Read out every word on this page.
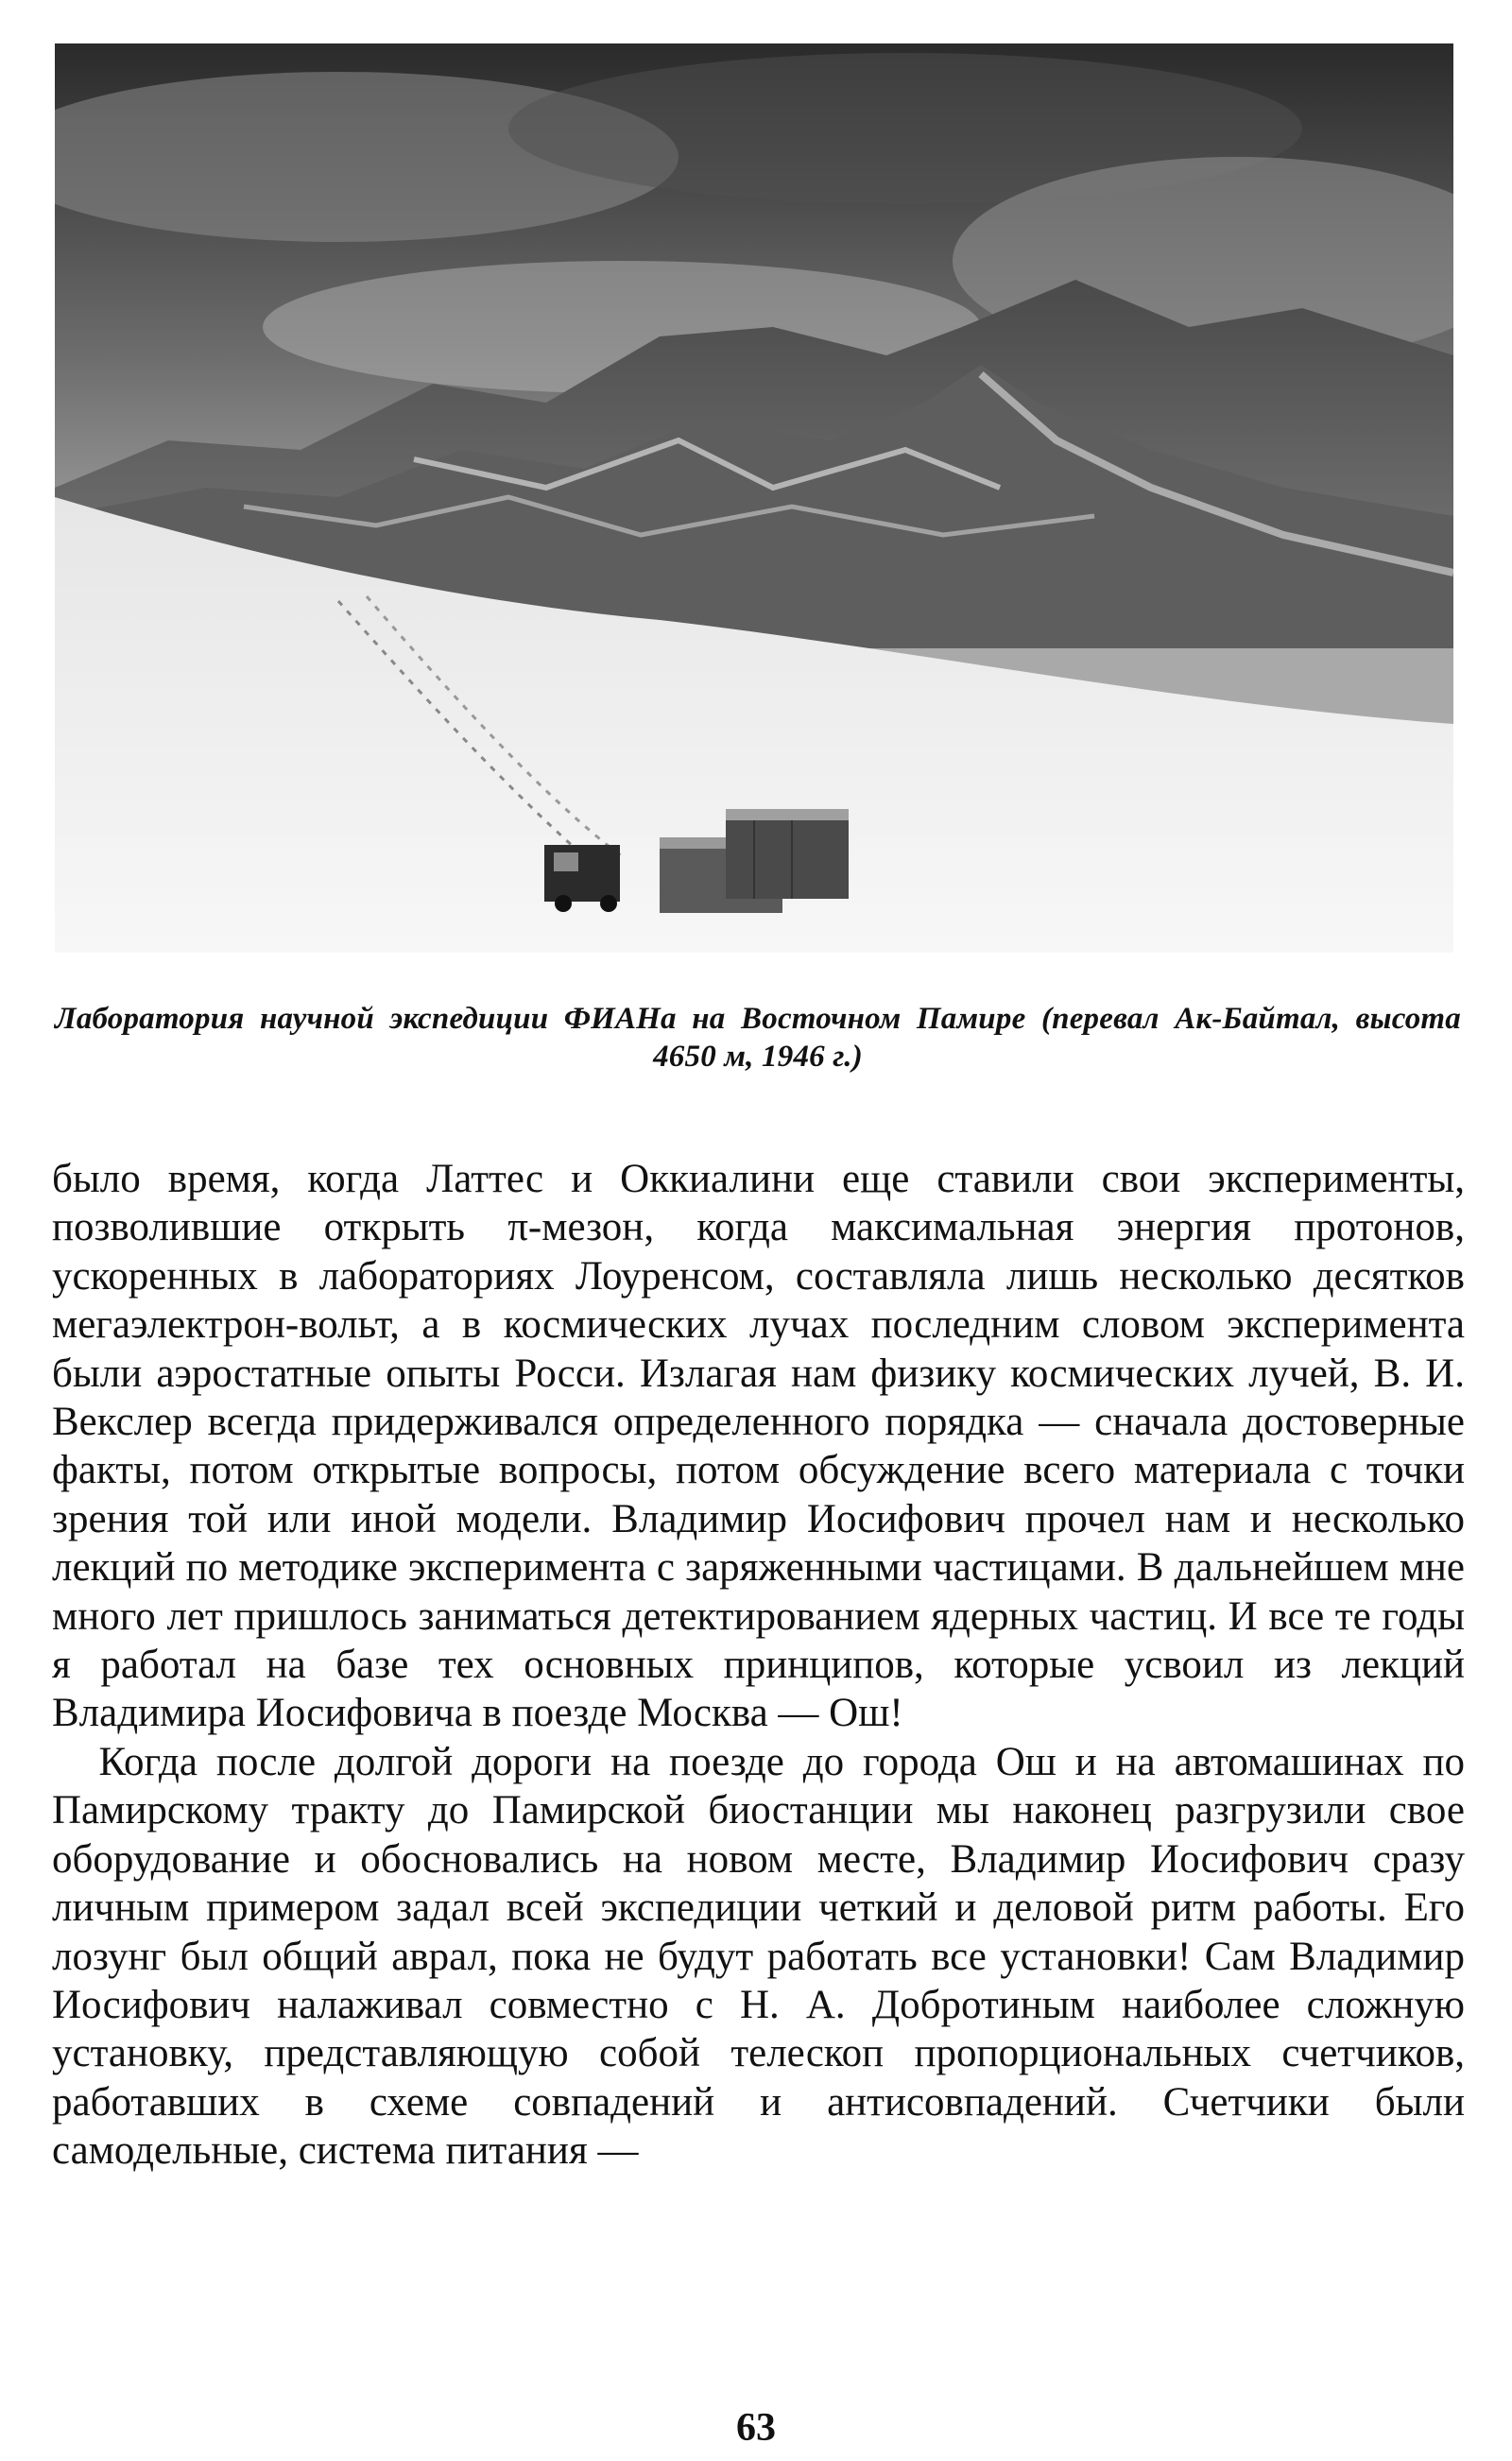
Лаборатория научной экспедиции ФИАНа на Восточном Памире (перевал Ак-Байтал, высота 4650 м, 1946 г.)

было время, когда Латтес и Оккиалини еще ставили свои эксперименты, позволившие открыть π-мезон, когда максимальная энергия протонов, ускоренных в лабораториях Лоуренсом, составляла лишь несколько десятков мегаэлектрон-вольт, а в космических лучах последним словом эксперимента были аэростатные опыты Росси. Излагая нам физику космических лучей, В. И. Векслер всегда придерживался определенного порядка — сначала достоверные факты, потом открытые вопросы, потом обсуждение всего материала с точки зрения той или иной модели. Владимир Иосифович прочел нам и несколько лекций по методике эксперимента с заряженными частицами. В дальнейшем мне много лет пришлось заниматься детектированием ядерных частиц. И все те годы я работал на базе тех основных принципов, которые усвоил из лекций Владимира Иосифовича в поезде Москва — Ош!

Когда после долгой дороги на поезде до города Ош и на автомашинах по Памирскому тракту до Памирской биостанции мы наконец разгрузили свое оборудование и обосновались на новом месте, Владимир Иосифович сразу личным примером задал всей экспедиции четкий и деловой ритм работы. Его лозунг был общий аврал, пока не будут работать все установки! Сам Владимир Иосифович налаживал совместно с Н. А. Добротиным наиболее сложную установку, представляющую собой телескоп пропорциональных счетчиков, работавших в схеме совпадений и антисовпадений. Счетчики были самодельные, система питания —

63
